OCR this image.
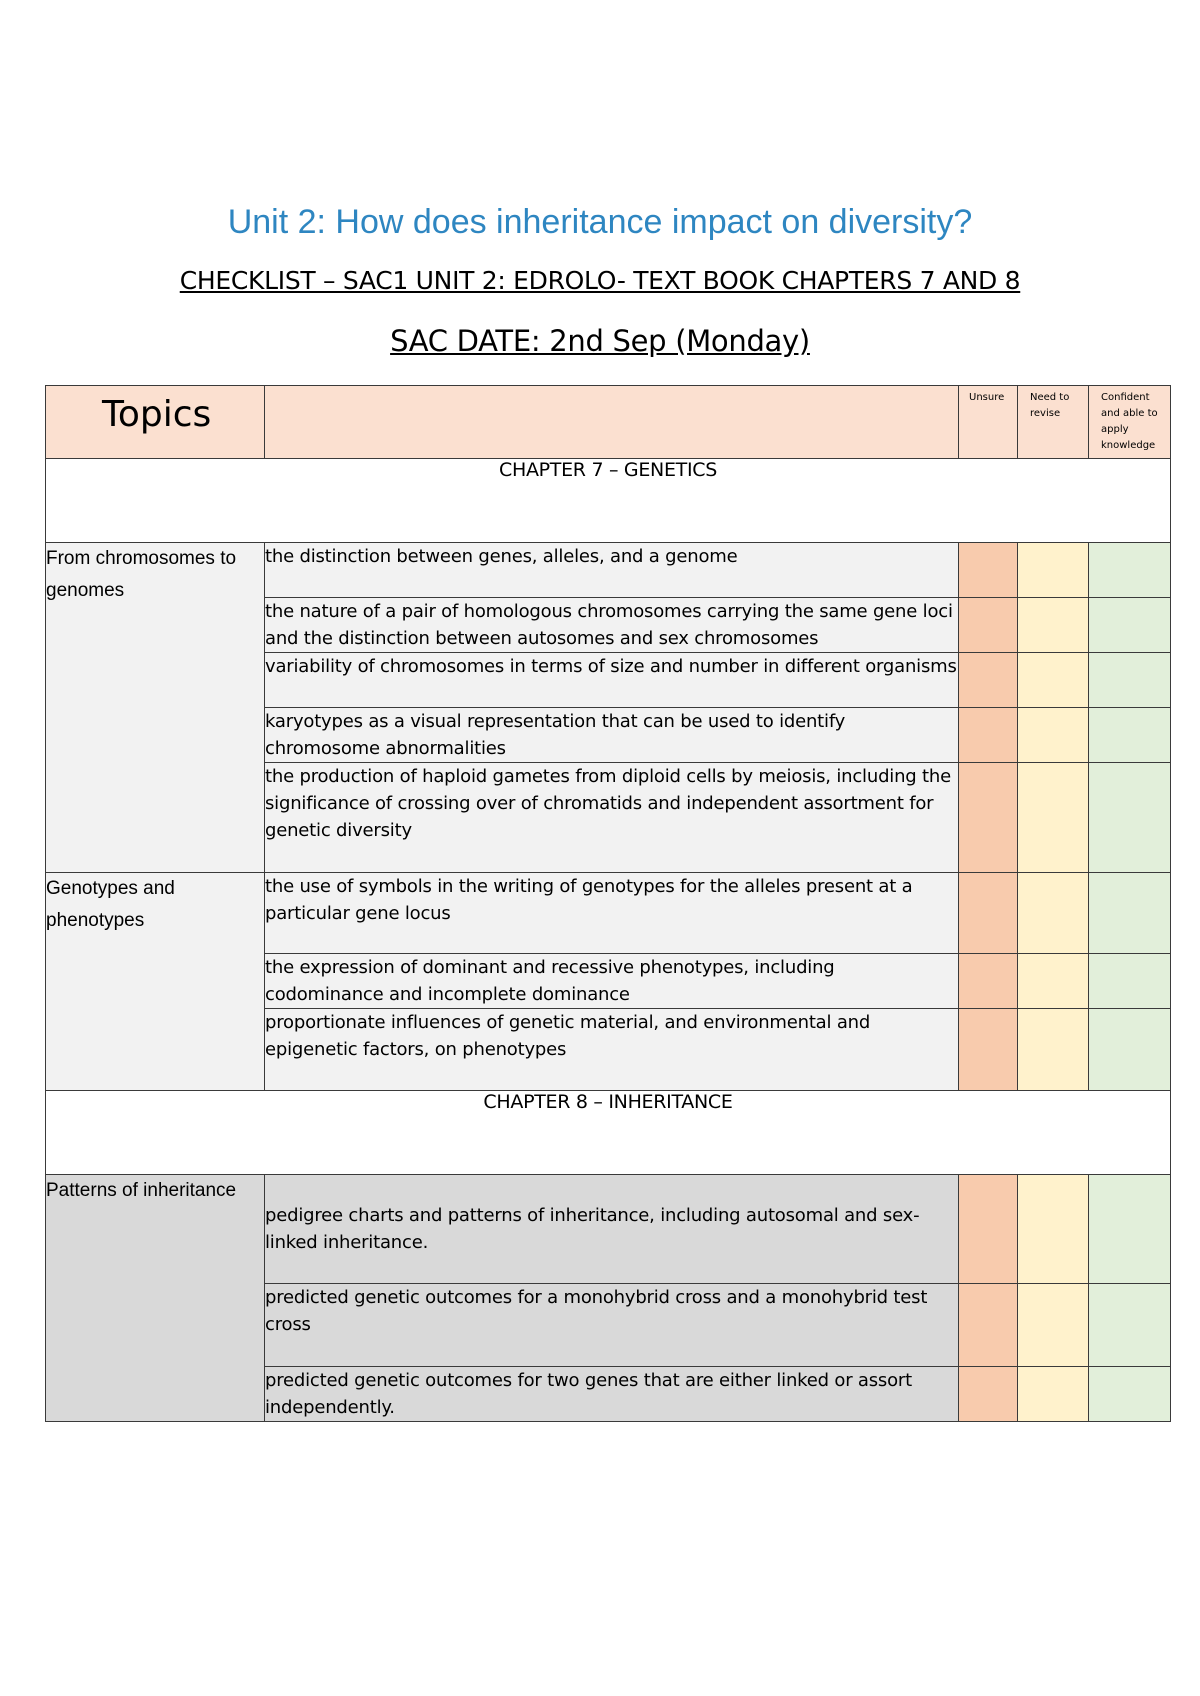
Unit 2: How does inheritance impact on diversity?
CHECKLIST – SAC1 UNIT 2: EDROLO- TEXT BOOK CHAPTERS 7 AND 8
SAC DATE: 2nd Sep (Monday)
Topics		Unsure	Need to revise	Confident and able to apply knowledge
CHAPTER 7 – GENETICS				
From chromosomes to genomes	the distinction between genes, alleles, and a genome			
	the nature of a pair of homologous chromosomes carrying the same gene loci and the distinction between autosomes and sex chromosomes			
	variability of chromosomes in terms of size and number in different organisms			
	karyotypes as a visual representation that can be used to identify chromosome abnormalities			
	the production of haploid gametes from diploid cells by meiosis, including the significance of crossing over of chromatids and independent assortment for genetic diversity			
Genotypes and phenotypes	the use of symbols in the writing of genotypes for the alleles present at a particular gene locus			
	the expression of dominant and recessive phenotypes, including codominance and incomplete dominance			
	proportionate influences of genetic material, and environmental and epigenetic factors, on phenotypes			
CHAPTER 8 – INHERITANCE				
Patterns of inheritance	pedigree charts and patterns of inheritance, including autosomal and sex-linked inheritance.			
	predicted genetic outcomes for a monohybrid cross and a monohybrid test cross			
	predicted genetic outcomes for two genes that are either linked or assort independently.			
